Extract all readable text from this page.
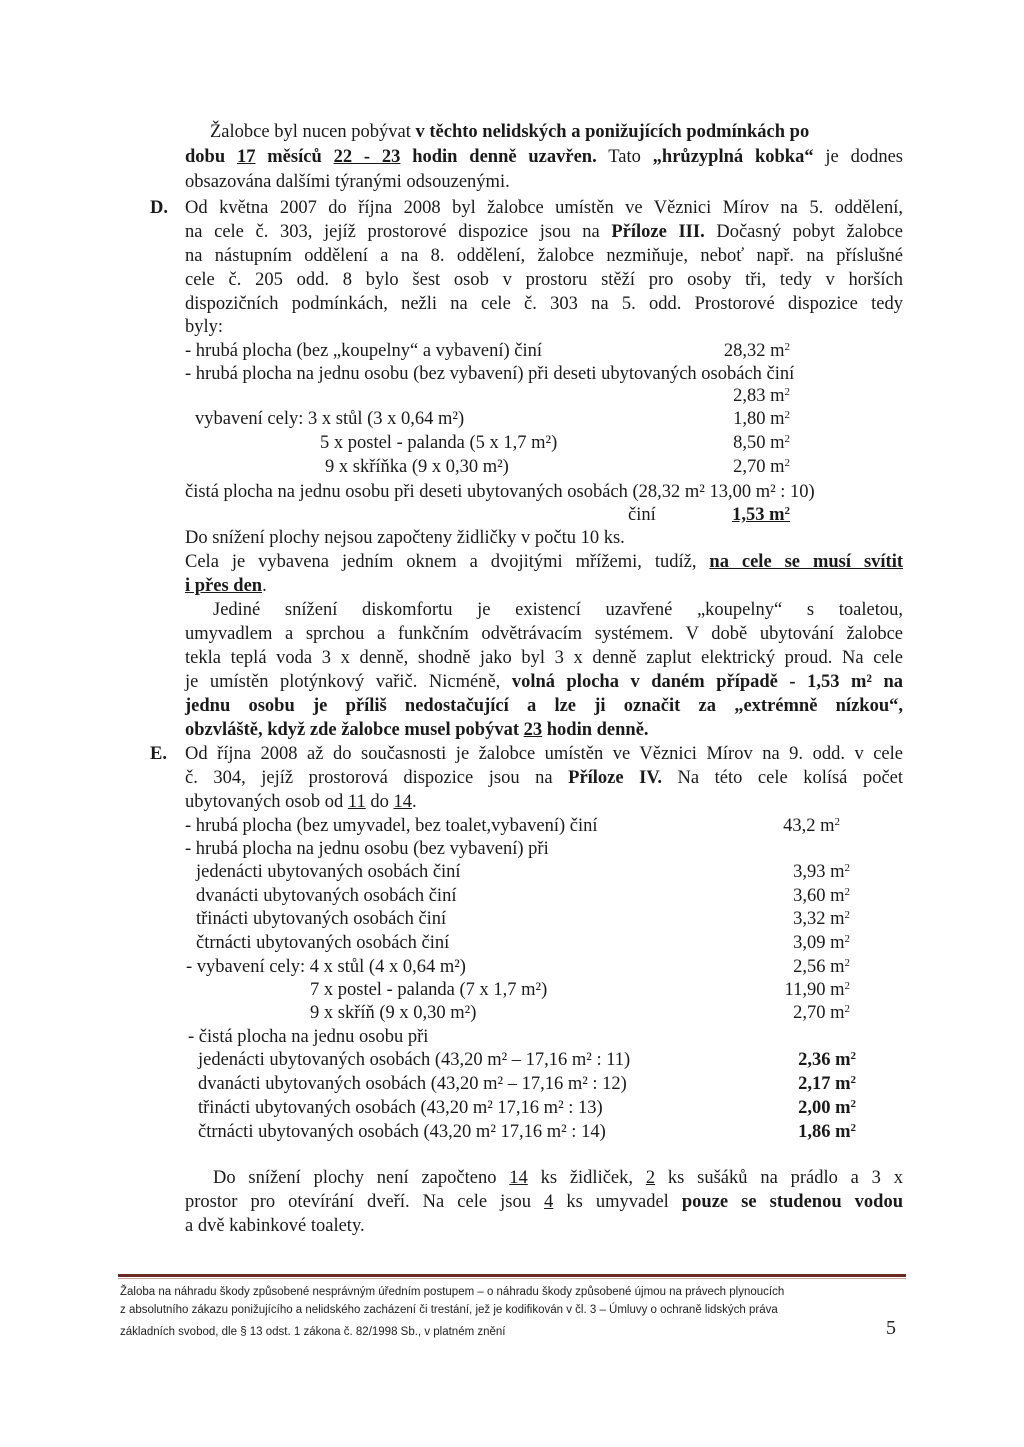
Žalobce byl nucen pobývat v těchto nelidských a ponižujících podmínkách po

dobu 17 měsíců 22 - 23 hodin denně uzavřen. Tato „hrůzyplná kobka“ je dodnes

obsazována dalšími týranými odsouzenými.

D. Od května 2007 do října 2008 byl žalobce umístěn ve Věznici Mírov na 5. oddělení,

na cele č. 303, jejíž prostorové dispozice jsou na Příloze III. Dočasný pobyt žalobce

na nástupním oddělení a na 8. oddělení, žalobce nezmiňuje, neboť např. na příslušné

cele č. 205 odd. 8 bylo šest osob v prostoru stěží pro osoby tři, tedy v horších

dispozičních podmínkách, nežli na cele č. 303 na 5. odd. Prostorové dispozice tedy

byly:

- hrubá plocha (bez „koupelny“ a vybavení) činí	28,32 $m^2$
- hrubá plocha na jednu osobu (bez vybavení) při deseti ubytovaných osobách činí
2,83 $m^2$
vybavení cely: 3 x stůl (3 x 0,64 m²)	1,80 $m^2$
5 x postel - palanda (5 x 1,7 m²)	8,50 $m^2$
9 x skříňka (9 x 0,30 m²)	2,70 $m^2$
čistá plocha na jednu osobu při deseti ubytovaných osobách (28,32 m² 13,00 m² : 10)
činí	1,53 $m^2$

Do snížení plochy nejsou započteny židličky v počtu 10 ks.

Cela je vybavena jedním oknem a dvojitými mřížemi, tudíž, na cele se musí svítit

i přes den.

Jediné snížení diskomfortu je existencí uzavřené „koupelny“ s toaletou,

umyvadlem a sprchou a funkčním odvětrávacím systémem. V době ubytování žalobce

tekla teplá voda 3 x denně, shodně jako byl 3 x denně zaplut elektrický proud. Na cele

je umístěn plotýnkový vařič. Nicméně, volná plocha v daném případě - 1,53 m² na

jednu osobu je příliš nedostačující a lze ji označit za „extrémně nízkou“,

obzvláště, když zde žalobce musel pobývat 23 hodin denně.

E. Od října 2008 až do současnosti je žalobce umístěn ve Věznici Mírov na 9. odd. v cele

č. 304, jejíž prostorová dispozice jsou na Příloze IV. Na této cele kolísá počet

ubytovaných osob od 11 do 14.

- hrubá plocha (bez umyvadel, bez toalet,vybavení) činí	43,2 $m^2$
- hrubá plocha na jednu osobu (bez vybavení) při
jedenácti ubytovaných osobách činí	3,93 $m^2$
dvanácti ubytovaných osobách činí	3,60 $m^2$
třinácti ubytovaných osobách činí	3,32 $m^2$
čtrnácti ubytovaných osobách činí	3,09 $m^2$
- vybavení cely: 4 x stůl (4 x 0,64 m²)	2,56 $m^2$
7 x postel - palanda (7 x 1,7 m²)	11,90 $m^2$
9 x skříň (9 x 0,30 m²)	2,70 $m^2$
- čistá plocha na jednu osobu při
jedenácti ubytovaných osobách (43,20 m² – 17,16 m² : 11)	2,36 $m^2$
dvanácti ubytovaných osobách (43,20 m² – 17,16 m² : 12)	2,17 $m^2$
třinácti ubytovaných osobách (43,20 m² 17,16 m² : 13)	2,00 $m^2$
čtrnácti ubytovaných osobách (43,20 m² 17,16 m² : 14)	1,86 $m^2$

Do snížení plochy není započteno 14 ks židliček, 2 ks sušáků na prádlo a 3 x

prostor pro otevírání dveří. Na cele jsou 4 ks umyvadel pouze se studenou vodou

a dvě kabinkové toalety.

Žaloba na náhradu škody způsobené nesprávným úředním postupem – o náhradu škody způsobené újmou na právech plynoucích
z absolutního zákazu ponižujícího a nelidského zacházení či trestání, jež je kodifikován v čl. 3 – Úmluvy o ochraně lidských práva
základních svobod, dle § 13 odst. 1 zákona č. 82/1998 Sb., v platném znění	5
